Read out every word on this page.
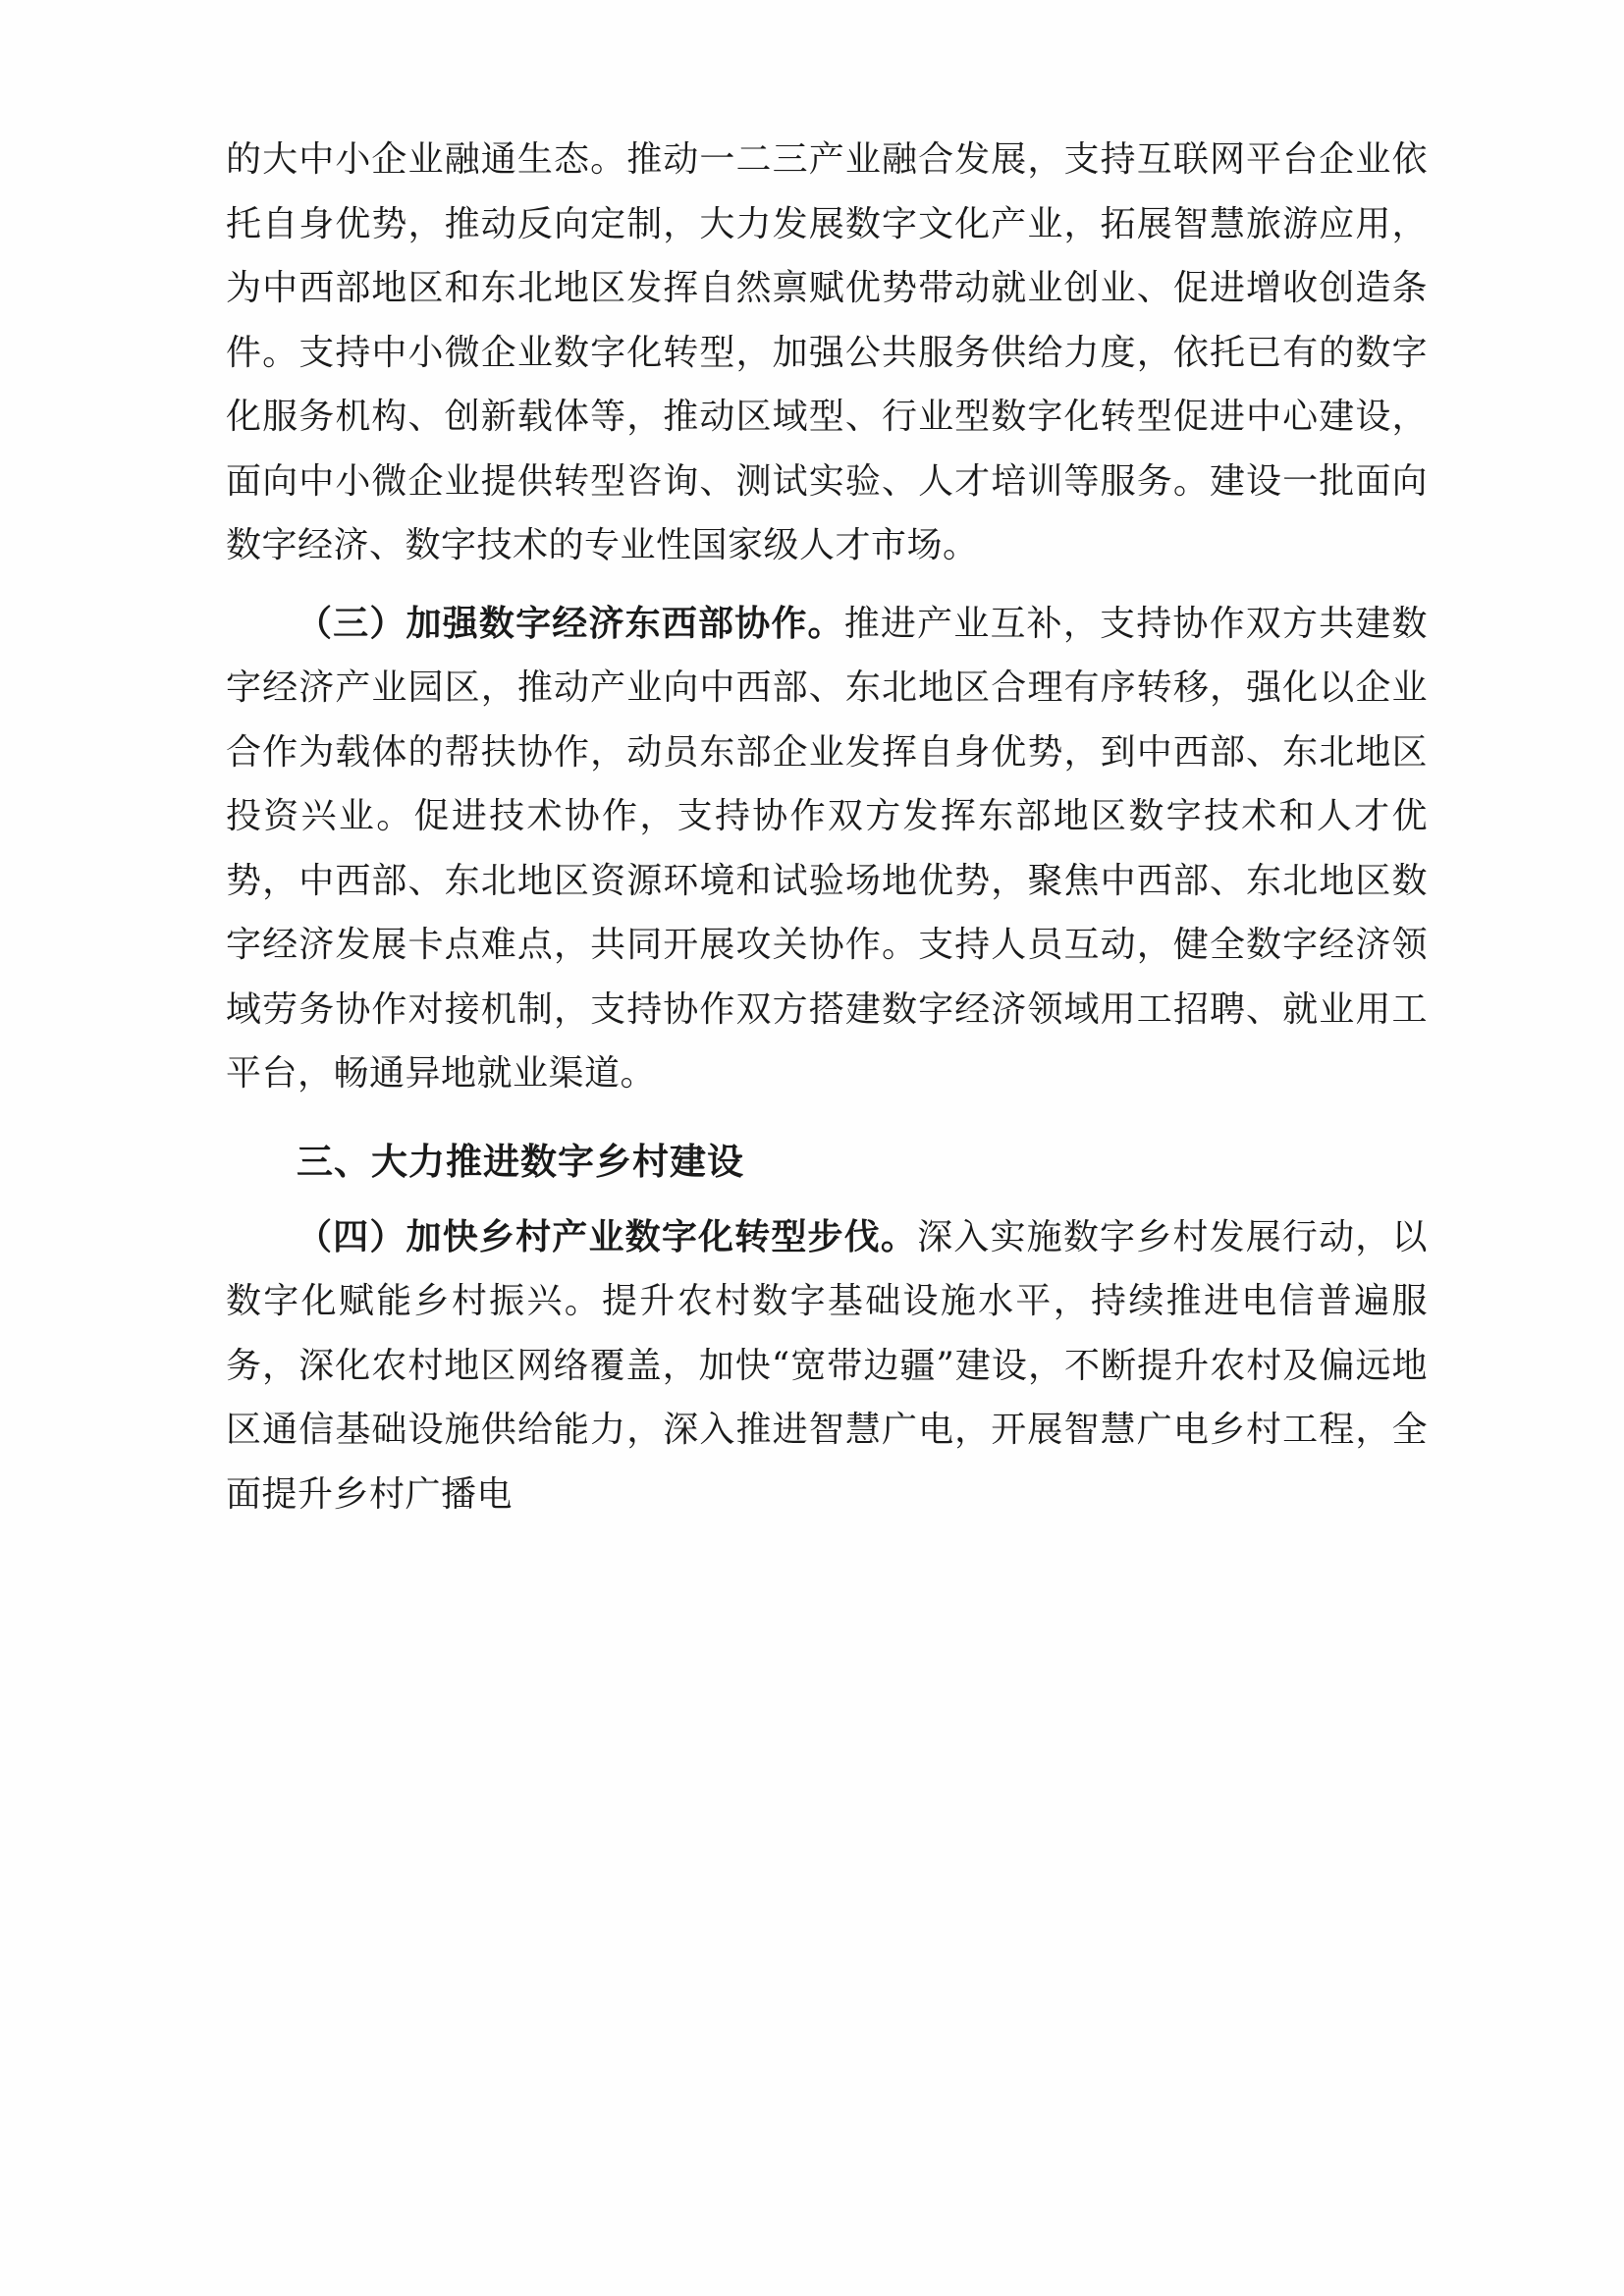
的大中小企业融通生态。推动一二三产业融合发展，支持互联网平台企业依托自身优势，推动反向定制，大力发展数字文化产业，拓展智慧旅游应用，为中西部地区和东北地区发挥自然禀赋优势带动就业创业、促进增收创造条件。支持中小微企业数字化转型，加强公共服务供给力度，依托已有的数字化服务机构、创新载体等，推动区域型、行业型数字化转型促进中心建设，面向中小微企业提供转型咨询、测试实验、人才培训等服务。建设一批面向数字经济、数字技术的专业性国家级人才市场。

（三）加强数字经济东西部协作。推进产业互补，支持协作双方共建数字经济产业园区，推动产业向中西部、东北地区合理有序转移，强化以企业合作为载体的帮扶协作，动员东部企业发挥自身优势，到中西部、东北地区投资兴业。促进技术协作，支持协作双方发挥东部地区数字技术和人才优势，中西部、东北地区资源环境和试验场地优势，聚焦中西部、东北地区数字经济发展卡点难点，共同开展攻关协作。支持人员互动，健全数字经济领域劳务协作对接机制，支持协作双方搭建数字经济领域用工招聘、就业用工平台，畅通异地就业渠道。

三、大力推进数字乡村建设

（四）加快乡村产业数字化转型步伐。深入实施数字乡村发展行动，以数字化赋能乡村振兴。提升农村数字基础设施水平，持续推进电信普遍服务，深化农村地区网络覆盖，加快“宽带边疆”建设，不断提升农村及偏远地区通信基础设施供给能力，深入推进智慧广电，开展智慧广电乡村工程，全面提升乡村广播电
